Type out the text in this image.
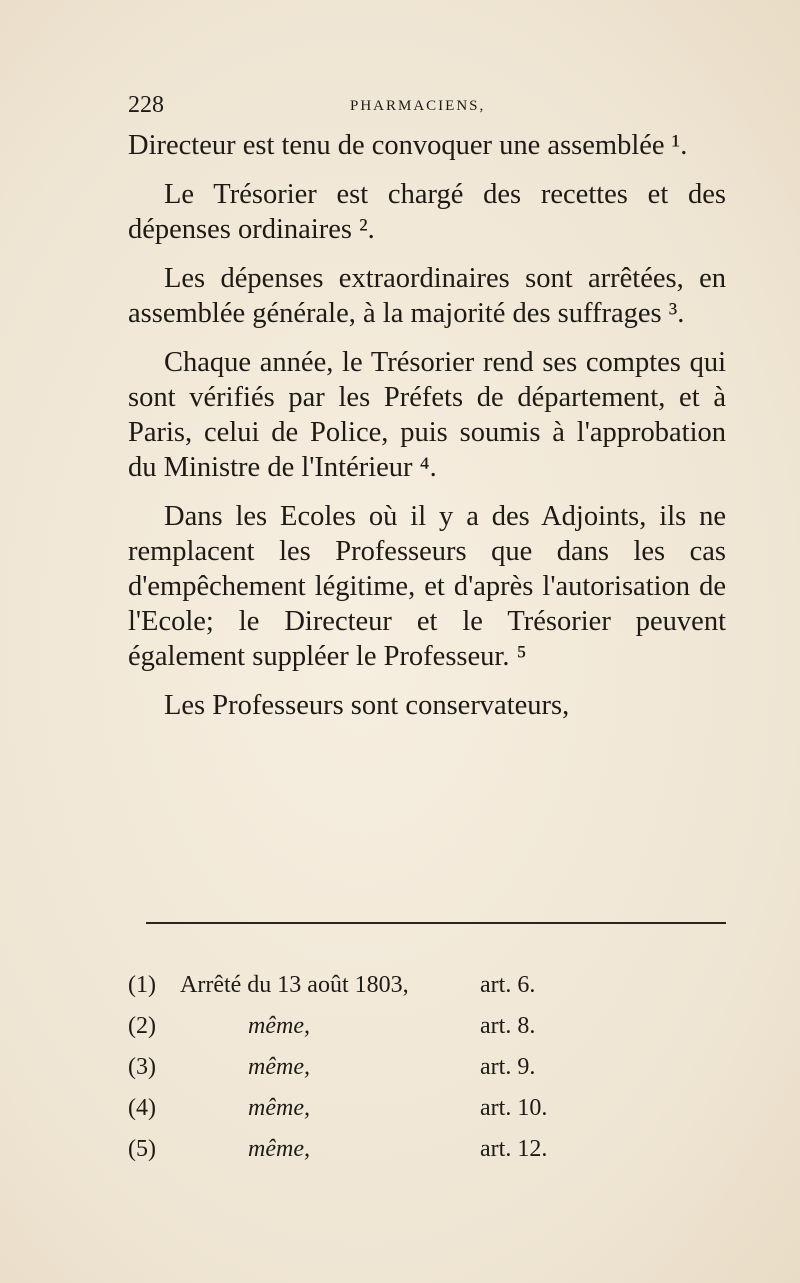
228	PHARMACIENS,

Directeur est tenu de convoquer une assemblée ¹.

Le Trésorier est chargé des recettes et des dépenses ordinaires ².

Les dépenses extraordinaires sont arrêtées, en assemblée générale, à la majorité des suffrages ³.

Chaque année, le Trésorier rend ses comptes qui sont vérifiés par les Préfets de département, et à Paris, celui de Police, puis soumis à l'approbation du Ministre de l'Intérieur ⁴.

Dans les Ecoles où il y a des Adjoints, ils ne remplacent les Professeurs que dans les cas d'empêchement légitime, et d'après l'autorisation de l'Ecole; le Directeur et le Trésorier peuvent également suppléer le Professeur. ⁵

Les Professeurs sont conservateurs,

(1) Arrêté du 13 août 1803,	art. 6.
(2)	même,	art. 8.
(3)	même,	art. 9.
(4)	même,	art. 10.
(5)	même,	art. 12.
